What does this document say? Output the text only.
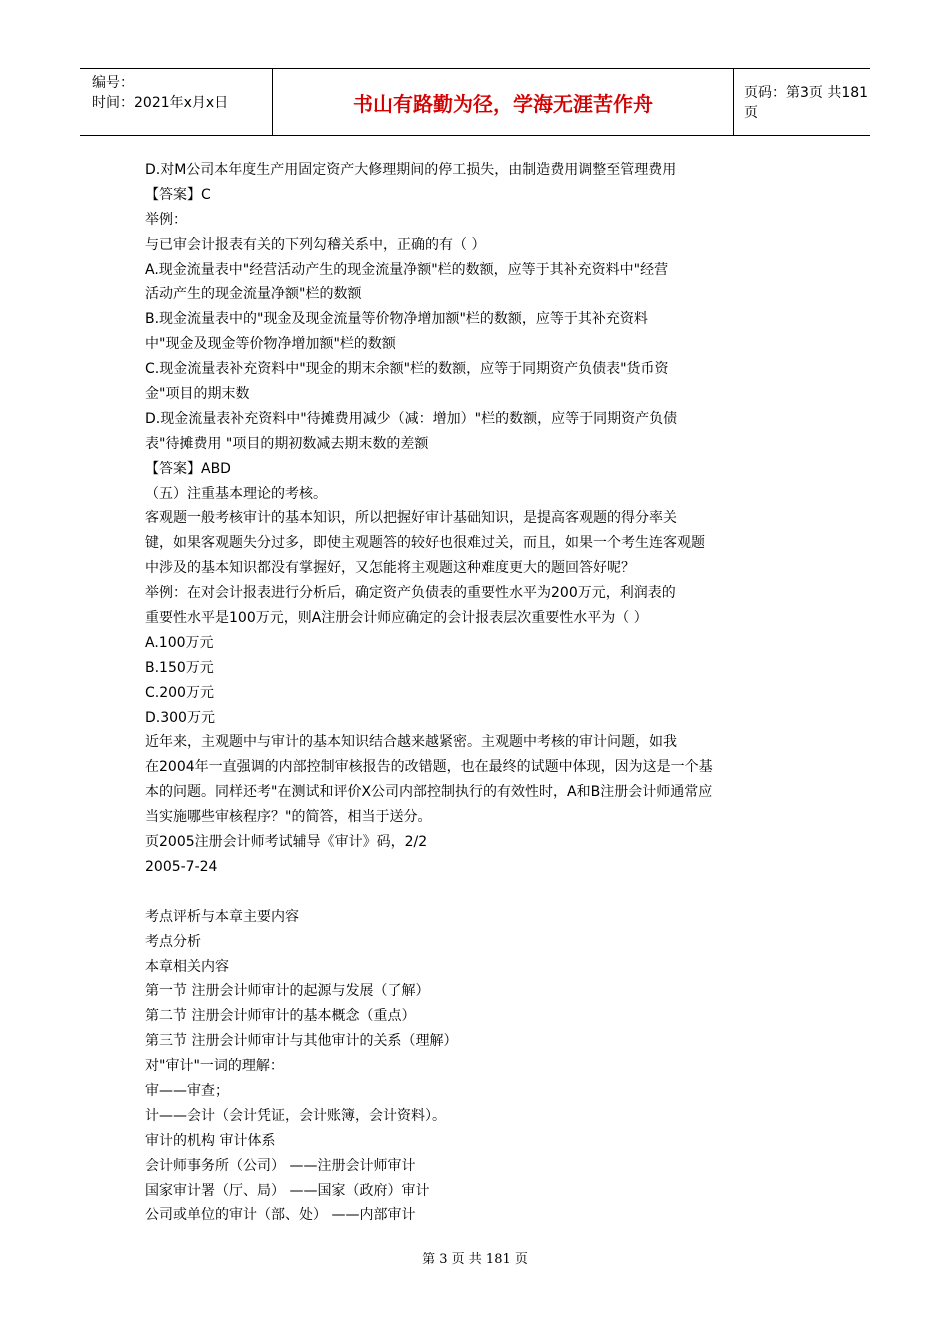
编号：
时间：2021年x月x日	书山有路勤为径，学海无涯苦作舟	页码：第3页 共181页
D.对M公司本年度生产用固定资产大修理期间的停工损失，由制造费用调整至管理费用
【答案】C
举例：
与已审会计报表有关的下列勾稽关系中，正确的有（ ）
A.现金流量表中"经营活动产生的现金流量净额"栏的数额，应等于其补充资料中"经营
活动产生的现金流量净额"栏的数额
B.现金流量表中的"现金及现金流量等价物净增加额"栏的数额，应等于其补充资料
中"现金及现金等价物净增加额"栏的数额
C.现金流量表补充资料中"现金的期末余额"栏的数额，应等于同期资产负债表"货币资
金"项目的期末数
D.现金流量表补充资料中"待摊费用减少（减：增加）"栏的数额，应等于同期资产负债
表"待摊费用 "项目的期初数减去期末数的差额
【答案】ABD
（五）注重基本理论的考核。
客观题一般考核审计的基本知识，所以把握好审计基础知识，是提高客观题的得分率关
键，如果客观题失分过多，即使主观题答的较好也很难过关，而且，如果一个考生连客观题
中涉及的基本知识都没有掌握好，又怎能将主观题这种难度更大的题回答好呢？
举例：在对会计报表进行分析后，确定资产负债表的重要性水平为200万元，利润表的
重要性水平是100万元，则A注册会计师应确定的会计报表层次重要性水平为（ ）
A.100万元
B.150万元
C.200万元
D.300万元
近年来，主观题中与审计的基本知识结合越来越紧密。主观题中考核的审计问题，如我
在2004年一直强调的内部控制审核报告的改错题，也在最终的试题中体现，因为这是一个基
本的问题。同样还考"在测试和评价X公司内部控制执行的有效性时，A和B注册会计师通常应
当实施哪些审核程序？"的简答，相当于送分。
页2005注册会计师考试辅导《审计》码，2/2
2005-7-24
考点评析与本章主要内容
考点分析
本章相关内容
第一节 注册会计师审计的起源与发展（了解）
第二节 注册会计师审计的基本概念（重点）
第三节 注册会计师审计与其他审计的关系（理解）
对"审计"一词的理解：
审——审查；
计——会计（会计凭证，会计账簿，会计资料）。
审计的机构 审计体系
会计师事务所（公司） ——注册会计师审计
国家审计署（厅、局） ——国家（政府）审计
公司或单位的审计（部、处） ——内部审计
第 3 页 共 181 页
